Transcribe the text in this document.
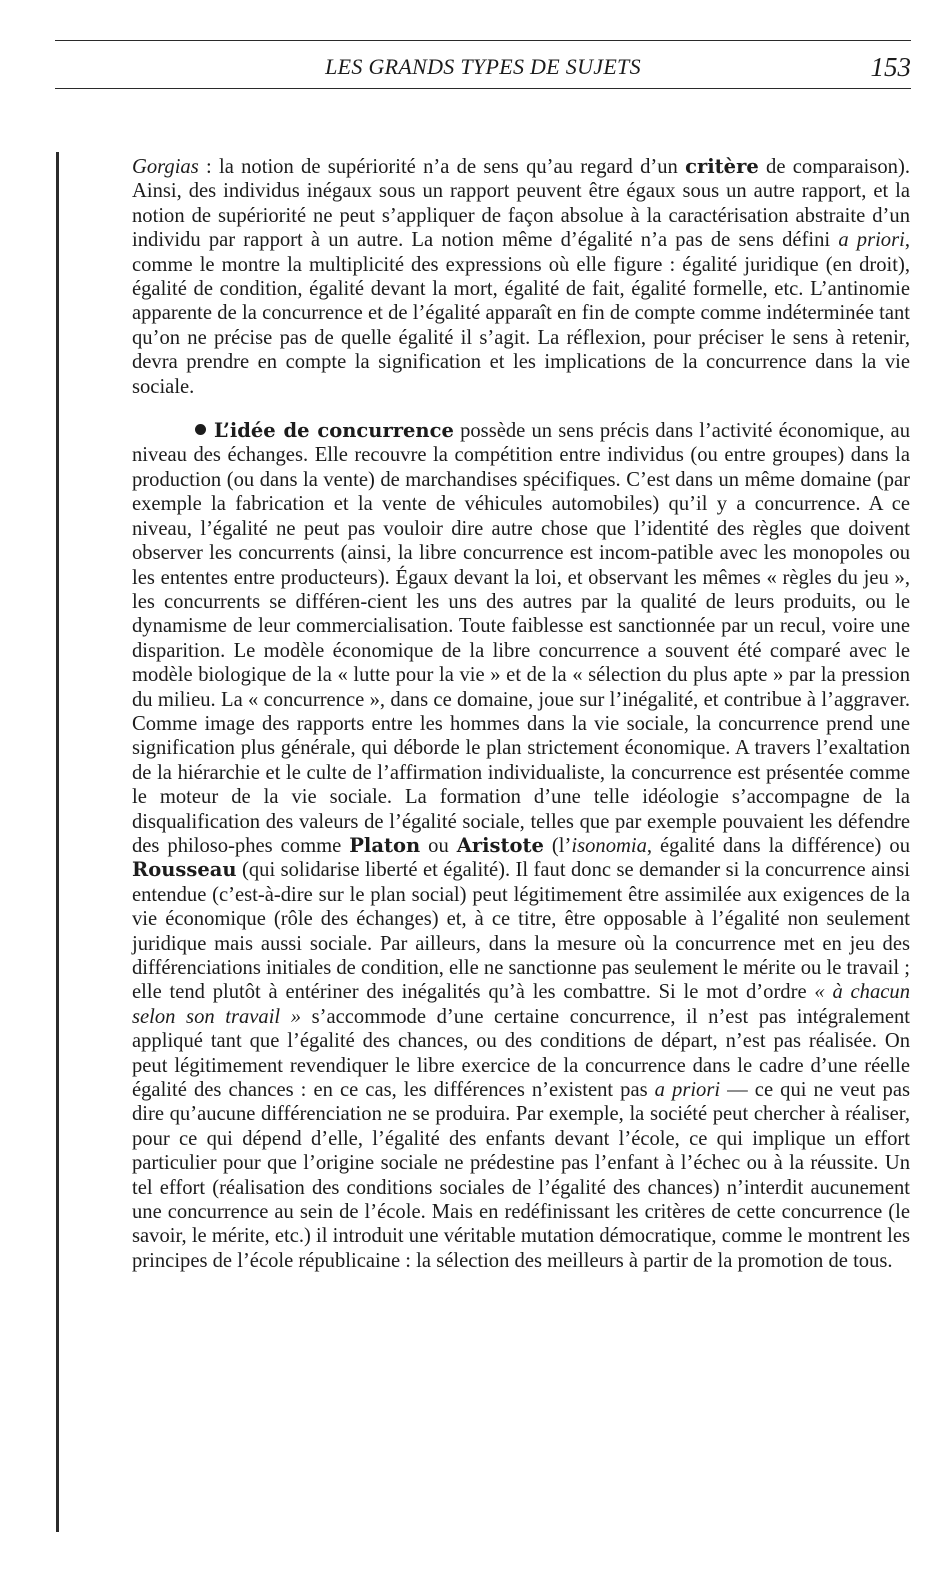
LES GRANDS TYPES DE SUJETS	153

Gorgias : la notion de supériorité n’a de sens qu’au regard d’un critère de comparaison). Ainsi, des individus inégaux sous un rapport peuvent être égaux sous un autre rapport, et la notion de supériorité ne peut s’appliquer de façon absolue à la caractérisation abstraite d’un individu par rapport à un autre. La notion même d’égalité n’a pas de sens défini a priori, comme le montre la multiplicité des expressions où elle figure : égalité juridique (en droit), égalité de condition, égalité devant la mort, égalité de fait, égalité formelle, etc. L’antinomie apparente de la concurrence et de l’égalité apparaît en fin de compte comme indéterminée tant qu’on ne précise pas de quelle égalité il s’agit. La réflexion, pour préciser le sens à retenir, devra prendre en compte la signification et les implications de la concurrence dans la vie sociale.

L’idée de concurrence possède un sens précis dans l’activité économique, au niveau des échanges. Elle recouvre la compétition entre individus (ou entre groupes) dans la production (ou dans la vente) de marchandises spécifiques. C’est dans un même domaine (par exemple la fabrication et la vente de véhicules automobiles) qu’il y a concurrence. A ce niveau, l’égalité ne peut pas vouloir dire autre chose que l’identité des règles que doivent observer les concurrents (ainsi, la libre concurrence est incom-patible avec les monopoles ou les ententes entre producteurs). Égaux devant la loi, et observant les mêmes « règles du jeu », les concurrents se différen-cient les uns des autres par la qualité de leurs produits, ou le dynamisme de leur commercialisation. Toute faiblesse est sanctionnée par un recul, voire une disparition. Le modèle économique de la libre concurrence a souvent été comparé avec le modèle biologique de la « lutte pour la vie » et de la « sélection du plus apte » par la pression du milieu. La « concurrence », dans ce domaine, joue sur l’inégalité, et contribue à l’aggraver. Comme image des rapports entre les hommes dans la vie sociale, la concurrence prend une signification plus générale, qui déborde le plan strictement économique. A travers l’exaltation de la hiérarchie et le culte de l’affirmation individualiste, la concurrence est présentée comme le moteur de la vie sociale. La formation d’une telle idéologie s’accompagne de la disqualification des valeurs de l’égalité sociale, telles que par exemple pouvaient les défendre des philoso-phes comme Platon ou Aristote (l’isonomia, égalité dans la différence) ou Rousseau (qui solidarise liberté et égalité). Il faut donc se demander si la concurrence ainsi entendue (c’est-à-dire sur le plan social) peut légitimement être assimilée aux exigences de la vie économique (rôle des échanges) et, à ce titre, être opposable à l’égalité non seulement juridique mais aussi sociale. Par ailleurs, dans la mesure où la concurrence met en jeu des différenciations initiales de condition, elle ne sanctionne pas seulement le mérite ou le travail ; elle tend plutôt à entériner des inégalités qu’à les combattre. Si le mot d’ordre « à chacun selon son travail » s’accommode d’une certaine concurrence, il n’est pas intégralement appliqué tant que l’égalité des chances, ou des conditions de départ, n’est pas réalisée. On peut légitimement revendiquer le libre exercice de la concurrence dans le cadre d’une réelle égalité des chances : en ce cas, les différences n’existent pas a priori — ce qui ne veut pas dire qu’aucune différenciation ne se produira. Par exemple, la société peut chercher à réaliser, pour ce qui dépend d’elle, l’égalité des enfants devant l’école, ce qui implique un effort particulier pour que l’origine sociale ne prédestine pas l’enfant à l’échec ou à la réussite. Un tel effort (réalisation des conditions sociales de l’égalité des chances) n’interdit aucunement une concurrence au sein de l’école. Mais en redéfinissant les critères de cette concurrence (le savoir, le mérite, etc.) il introduit une véritable mutation démocratique, comme le montrent les principes de l’école républicaine : la sélection des meilleurs à partir de la promotion de tous.
